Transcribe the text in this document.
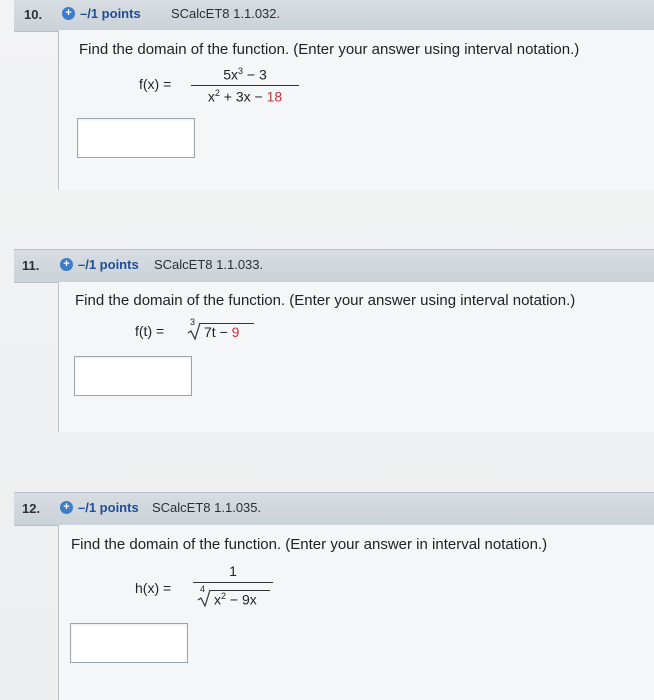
10. + –/1 points SCalcET8 1.1.032.
Find the domain of the function. (Enter your answer using interval notation.)
f(x) =
$5x^3 - 3$
$x^2 + 3x - 18$
11. + –/1 points SCalcET8 1.1.033.
Find the domain of the function. (Enter your answer using interval notation.)
f(t) =
3
7t − 9
12. + –/1 points SCalcET8 1.1.035.
Find the domain of the function. (Enter your answer in interval notation.)
h(x) =
1
4
$x^2 - 9x$
